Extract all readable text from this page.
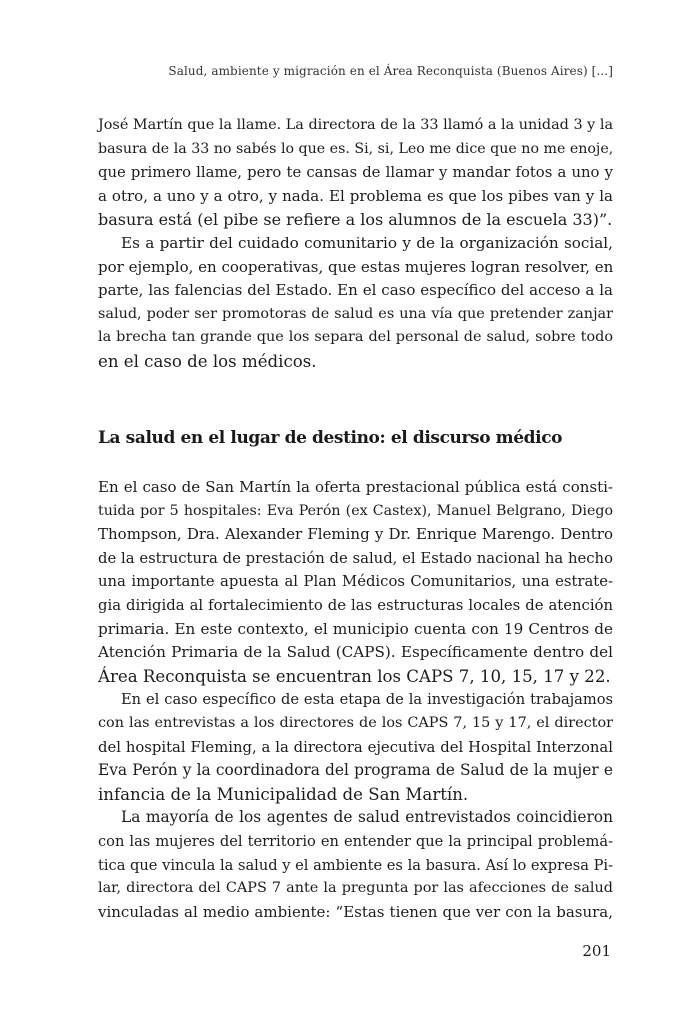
Salud, ambiente y migración en el Área Reconquista (Buenos Aires) [...]
José Martín que la llame. La directora de la 33 llamó a la unidad 3 y la
basura de la 33 no sabés lo que es. Si, si, Leo me dice que no me enoje,
que primero llame, pero te cansas de llamar y mandar fotos a uno y
a otro, a uno y a otro, y nada. El problema es que los pibes van y la
basura está (el pibe se refiere a los alumnos de la escuela 33)”.
Es a partir del cuidado comunitario y de la organización social,
por ejemplo, en cooperativas, que estas mujeres logran resolver, en
parte, las falencias del Estado. En el caso específico del acceso a la
salud, poder ser promotoras de salud es una vía que pretender zanjar
la brecha tan grande que los separa del personal de salud, sobre todo
en el caso de los médicos.
La salud en el lugar de destino: el discurso médico
En el caso de San Martín la oferta prestacional pública está consti-
tuida por 5 hospitales: Eva Perón (ex Castex), Manuel Belgrano, Diego
Thompson, Dra. Alexander Fleming y Dr. Enrique Marengo. Dentro
de la estructura de prestación de salud, el Estado nacional ha hecho
una importante apuesta al Plan Médicos Comunitarios, una estrate-
gia dirigida al fortalecimiento de las estructuras locales de atención
primaria. En este contexto, el municipio cuenta con 19 Centros de
Atención Primaria de la Salud (CAPS). Específicamente dentro del
Área Reconquista se encuentran los CAPS 7, 10, 15, 17 y 22.
En el caso específico de esta etapa de la investigación trabajamos
con las entrevistas a los directores de los CAPS 7, 15 y 17, el director
del hospital Fleming, a la directora ejecutiva del Hospital Interzonal
Eva Perón y la coordinadora del programa de Salud de la mujer e
infancia de la Municipalidad de San Martín.
La mayoría de los agentes de salud entrevistados coincidieron
con las mujeres del territorio en entender que la principal problemá-
tica que vincula la salud y el ambiente es la basura. Así lo expresa Pi-
lar, directora del CAPS 7 ante la pregunta por las afecciones de salud
vinculadas al medio ambiente: “Estas tienen que ver con la basura,
201
